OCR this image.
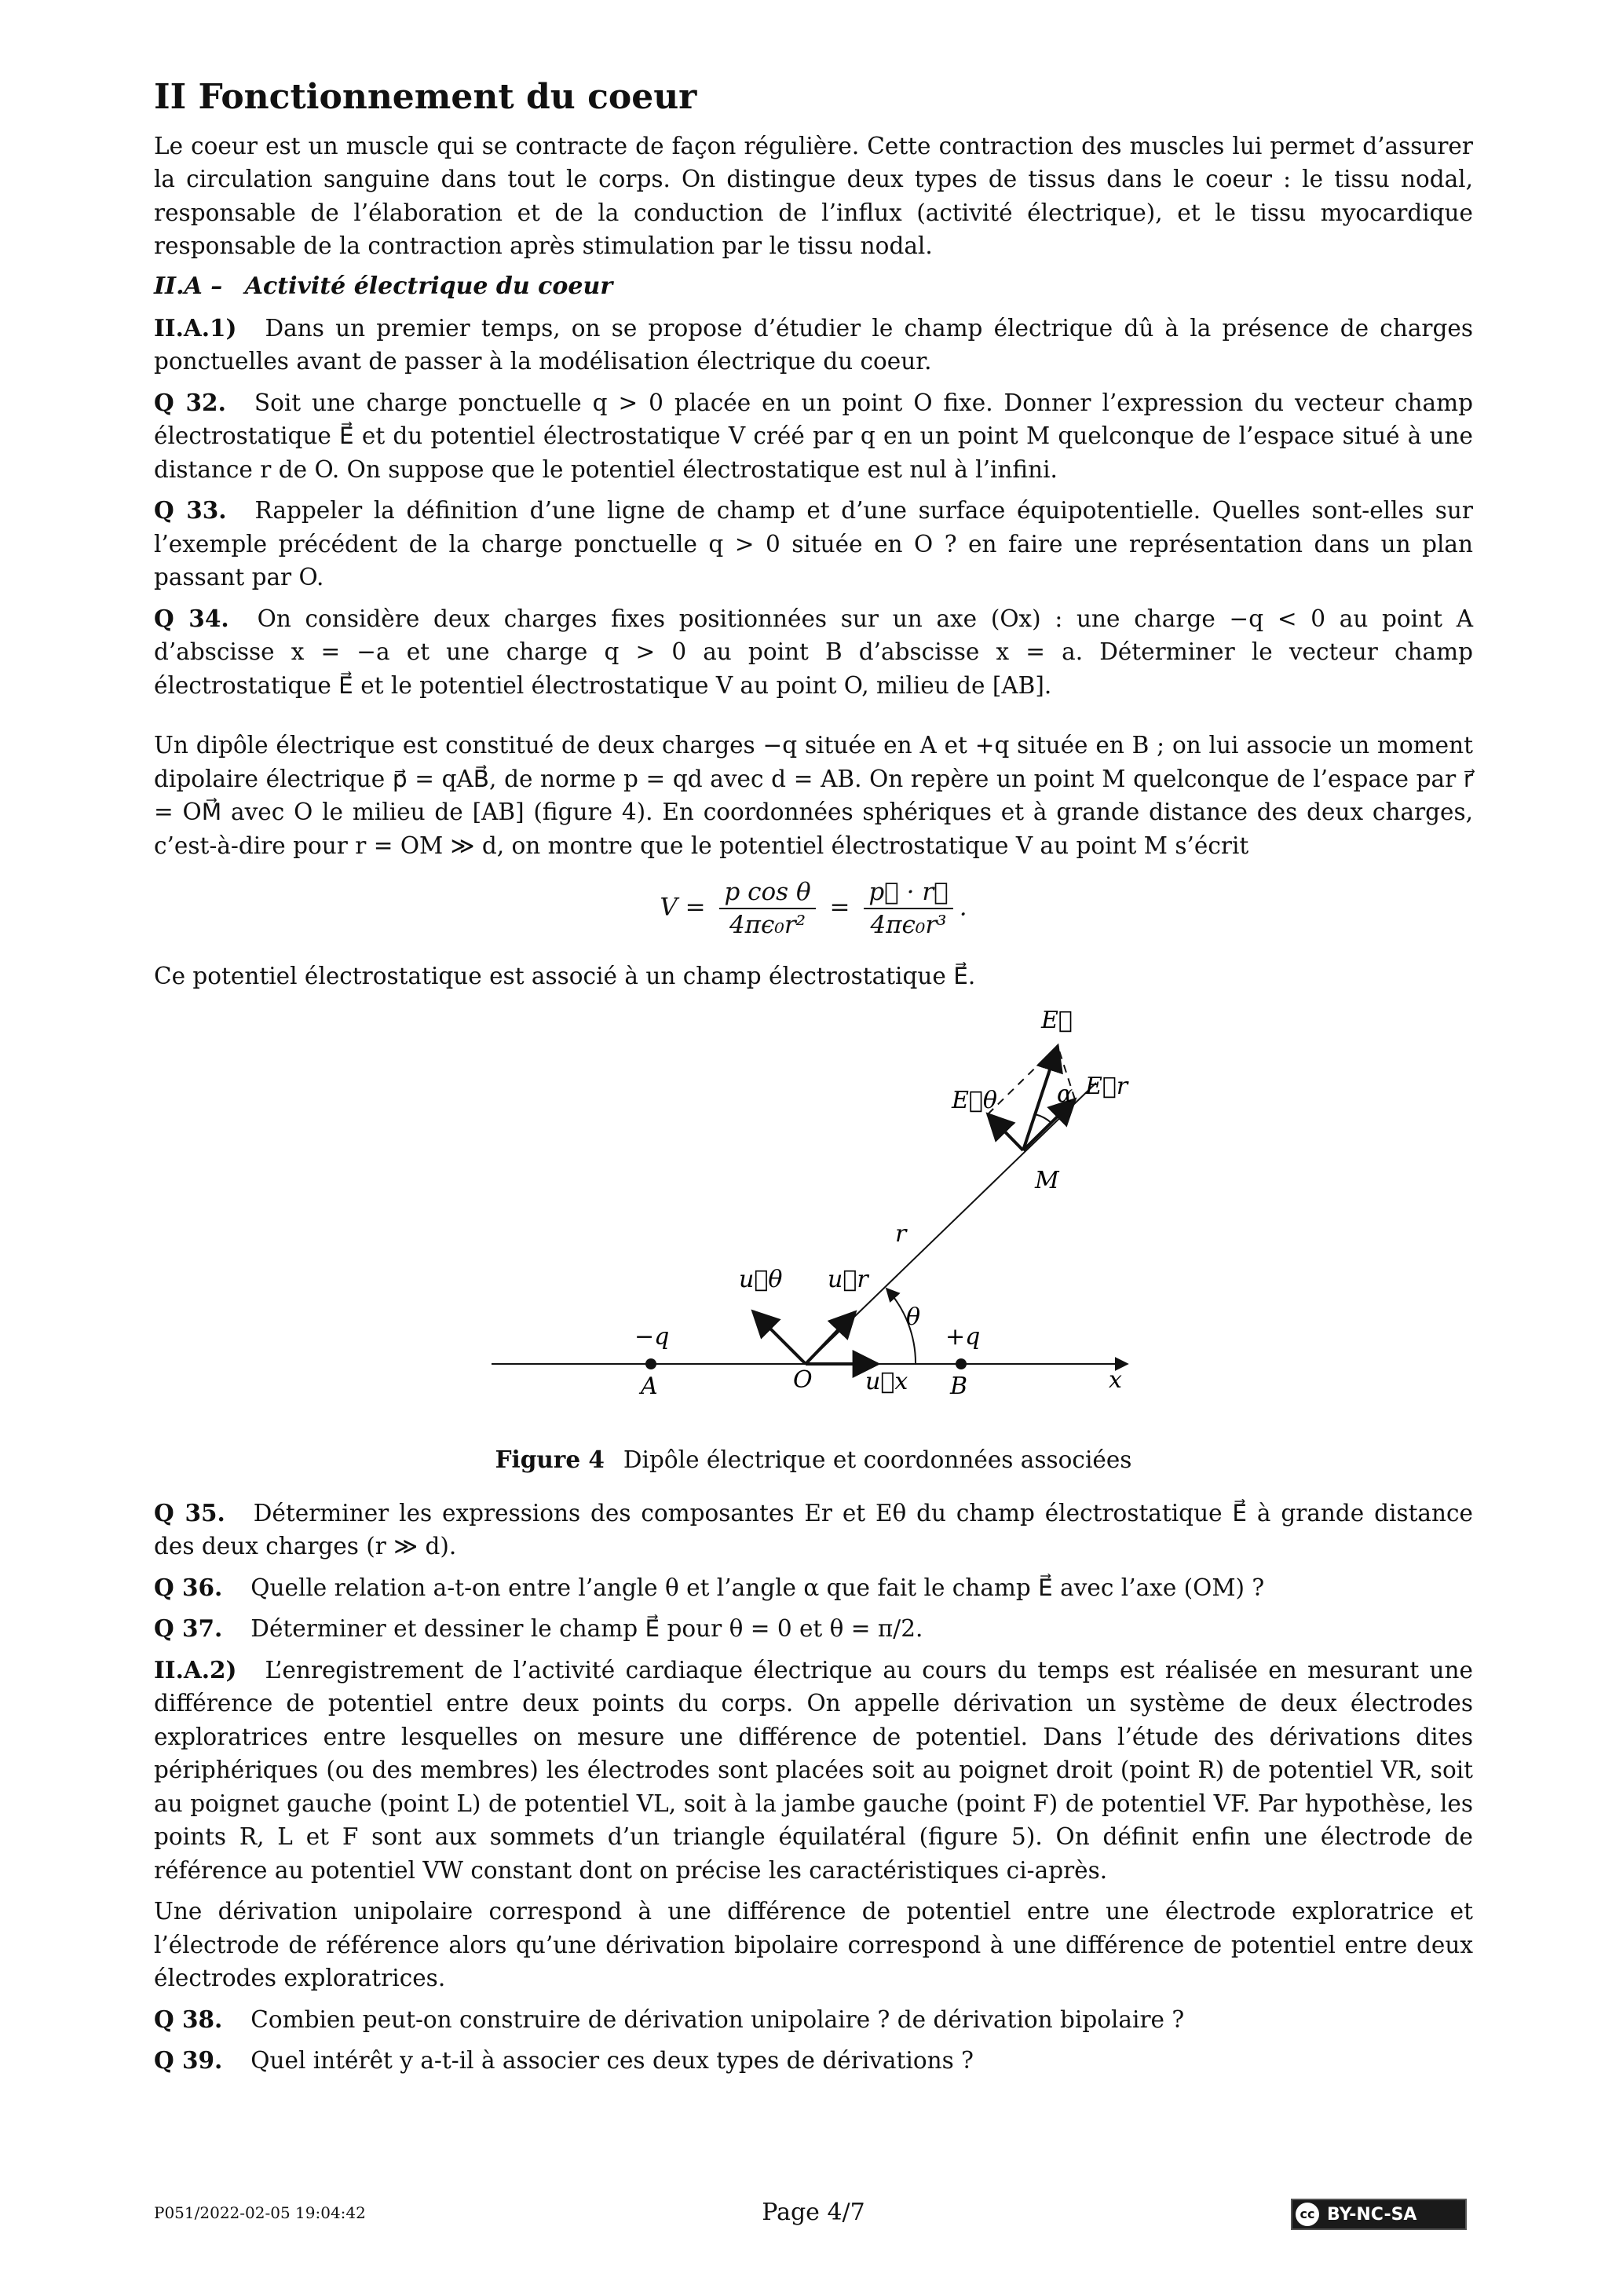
II Fonctionnement du coeur

Le coeur est un muscle qui se contracte de façon régulière. Cette contraction des muscles lui permet d’assurer la circulation sanguine dans tout le corps. On distingue deux types de tissus dans le coeur : le tissu nodal, responsable de l’élaboration et de la conduction de l’influx (activité électrique), et le tissu myocardique responsable de la contraction après stimulation par le tissu nodal.

II.A – Activité électrique du coeur

II.A.1) Dans un premier temps, on se propose d’étudier le champ électrique dû à la présence de charges ponctuelles avant de passer à la modélisation électrique du coeur.

Q 32. Soit une charge ponctuelle q > 0 placée en un point O fixe. Donner l’expression du vecteur champ électrostatique E⃗ et du potentiel électrostatique V créé par q en un point M quelconque de l’espace situé à une distance r de O. On suppose que le potentiel électrostatique est nul à l’infini.

Q 33. Rappeler la définition d’une ligne de champ et d’une surface équipotentielle. Quelles sont-elles sur l’exemple précédent de la charge ponctuelle q > 0 située en O ? en faire une représentation dans un plan passant par O.

Q 34. On considère deux charges fixes positionnées sur un axe (Ox) : une charge −q < 0 au point A d’abscisse x = −a et une charge q > 0 au point B d’abscisse x = a. Déterminer le vecteur champ électrostatique E⃗ et le potentiel électrostatique V au point O, milieu de [AB].

Un dipôle électrique est constitué de deux charges −q située en A et +q située en B ; on lui associe un moment dipolaire électrique p⃗ = qAB⃗, de norme p = qd avec d = AB. On repère un point M quelconque de l’espace par r⃗ = OM⃗ avec O le milieu de [AB] (figure 4). En coordonnées sphériques et à grande distance des deux charges, c’est-à-dire pour r = OM ≫ d, on montre que le potentiel électrostatique V au point M s’écrit

$V = \frac{\text{p cos θ}}{\text{4πϵ₀r²}} = \frac{p⃗ \cdot r⃗}{\text{4πϵ₀r³}}$ .

Ce potentiel électrostatique est associé à un champ électrostatique E⃗.

E⃗
E⃗r
α
E⃗θ
M
r
u⃗θ u⃗r
θ
−q	+q
A	O u⃗x B	x
Figure 4 Dipôle électrique et coordonnées associées

Q 35. Déterminer les expressions des composantes Er et Eθ du champ électrostatique E⃗ à grande distance des deux charges (r ≫ d).

Q 36. Quelle relation a-t-on entre l’angle θ et l’angle α que fait le champ E⃗ avec l’axe (OM) ?

Q 37. Déterminer et dessiner le champ E⃗ pour θ = 0 et θ = π/2.

II.A.2) L’enregistrement de l’activité cardiaque électrique au cours du temps est réalisée en mesurant une différence de potentiel entre deux points du corps. On appelle dérivation un système de deux électrodes exploratrices entre lesquelles on mesure une différence de potentiel. Dans l’étude des dérivations dites périphériques (ou des membres) les électrodes sont placées soit au poignet droit (point R) de potentiel VR, soit au poignet gauche (point L) de potentiel VL, soit à la jambe gauche (point F) de potentiel VF. Par hypothèse, les points R, L et F sont aux sommets d’un triangle équilatéral (figure 5). On définit enfin une électrode de référence au potentiel VW constant dont on précise les caractéristiques ci-après.

Une dérivation unipolaire correspond à une différence de potentiel entre une électrode exploratrice et l’électrode de référence alors qu’une dérivation bipolaire correspond à une différence de potentiel entre deux électrodes exploratrices.

Q 38. Combien peut-on construire de dérivation unipolaire ? de dérivation bipolaire ?

Q 39. Quel intérêt y a-t-il à associer ces deux types de dérivations ?

P051/2022-02-05 19:04:42	Page 4/7	cc BY-NC-SA
